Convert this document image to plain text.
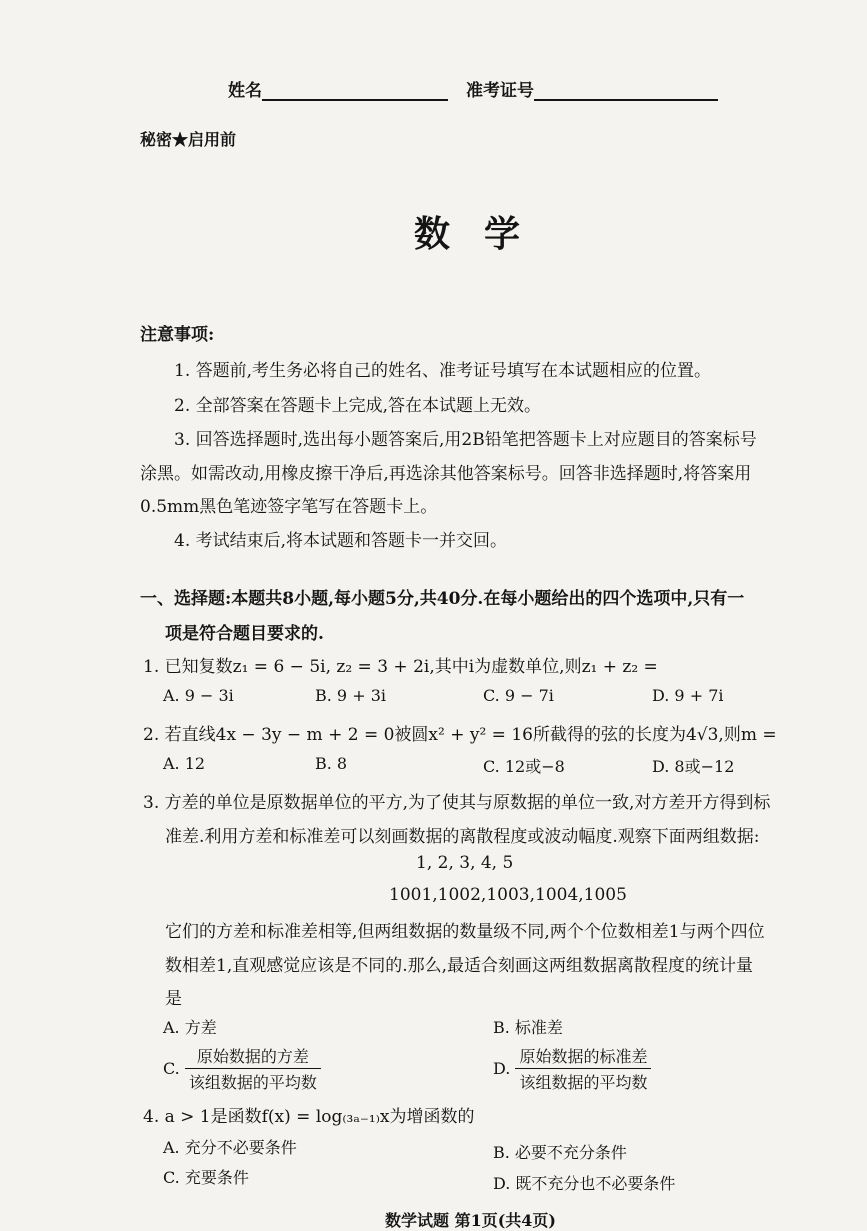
姓名	准考证号
秘密★启用前
数学
注意事项:
1. 答题前,考生务必将自己的姓名、准考证号填写在本试题相应的位置。
2. 全部答案在答题卡上完成,答在本试题上无效。
3. 回答选择题时,选出每小题答案后,用2B铅笔把答题卡上对应题目的答案标号
涂黑。如需改动,用橡皮擦干净后,再选涂其他答案标号。回答非选择题时,将答案用
0.5mm黑色笔迹签字笔写在答题卡上。
4. 考试结束后,将本试题和答题卡一并交回。
一、选择题:本题共8小题,每小题5分,共40分.在每小题给出的四个选项中,只有一
项是符合题目要求的.
1. 已知复数z₁ = 6 − 5i, z₂ = 3 + 2i,其中i为虚数单位,则z₁ + z₂ =
A. 9 − 3i	B. 9 + 3i	C. 9 − 7i	D. 9 + 7i
2. 若直线4x − 3y − m + 2 = 0被圆x² + y² = 16所截得的弦的长度为4√3,则m =
A. 12	B. 8	C. 12或−8	D. 8或−12
3. 方差的单位是原数据单位的平方,为了使其与原数据的单位一致,对方差开方得到标
准差.利用方差和标准差可以刻画数据的离散程度或波动幅度.观察下面两组数据:
1, 2, 3, 4, 5
1001,1002,1003,1004,1005
它们的方差和标准差相等,但两组数据的数量级不同,两个个位数相差1与两个四位
数相差1,直观感觉应该是不同的.那么,最适合刻画这两组数据离散程度的统计量
是
A. 方差	B. 标准差
C. $\frac{\text{原始数据的方差}}{\text{该组数据的平均数}}$	D. $\frac{\text{原始数据的标准差}}{\text{该组数据的平均数}}$
4. a > 1是函数f(x) = log₍₃ₐ₋₁₎x为增函数的
A. 充分不必要条件	B. 必要不充分条件
C. 充要条件	D. 既不充分也不必要条件
数学试题 第1页(共4页)
